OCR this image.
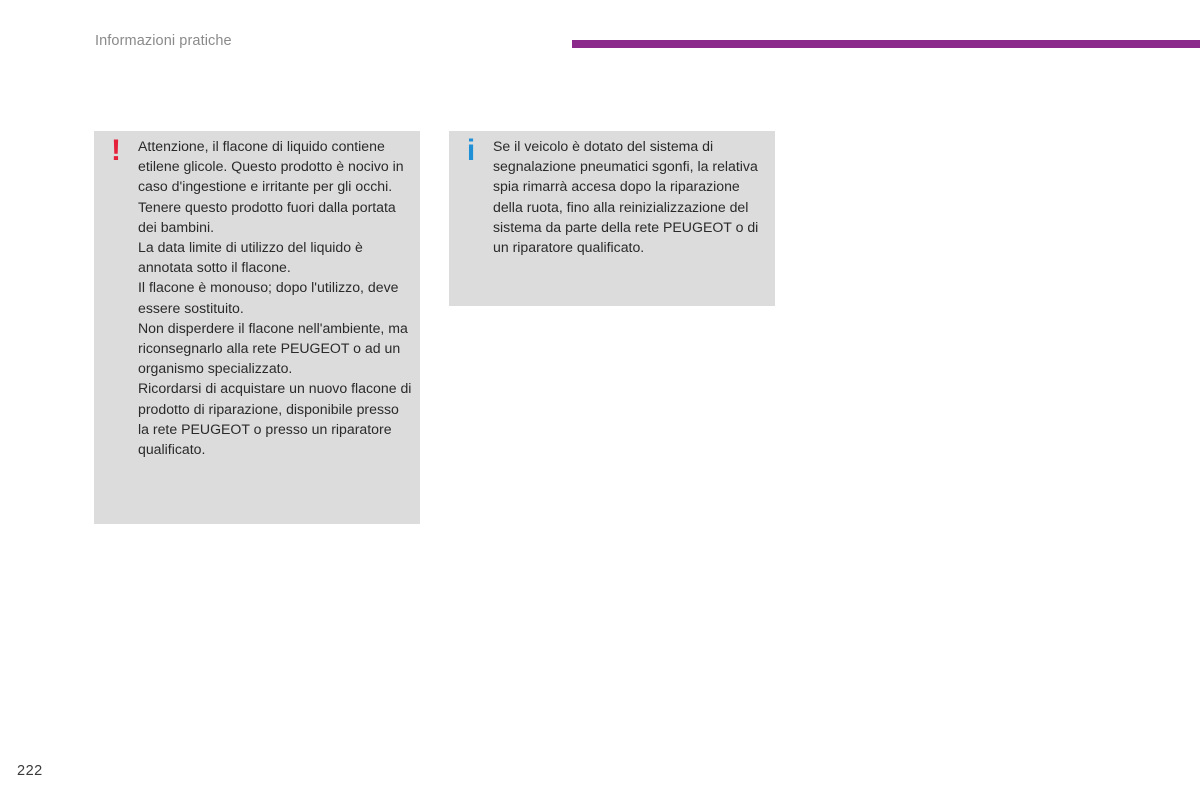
Informazioni pratiche
! Attenzione, il flacone di liquido contiene etilene glicole. Questo prodotto è nocivo in caso d'ingestione e irritante per gli occhi. Tenere questo prodotto fuori dalla portata dei bambini.

La data limite di utilizzo del liquido è annotata sotto il flacone.

Il flacone è monouso; dopo l'utilizzo, deve essere sostituito.

Non disperdere il flacone nell'ambiente, ma riconsegnarlo alla rete PEUGEOT o ad un organismo specializzato.

Ricordarsi di acquistare un nuovo flacone di prodotto di riparazione, disponibile presso la rete PEUGEOT o presso un riparatore qualificato.

i	Se il veicolo è dotato del sistema di segnalazione pneumatici sgonfi, la relativa spia rimarrà accesa dopo la riparazione della ruota, fino alla reinizializzazione del sistema da parte della rete PEUGEOT o di un riparatore qualificato.

222
